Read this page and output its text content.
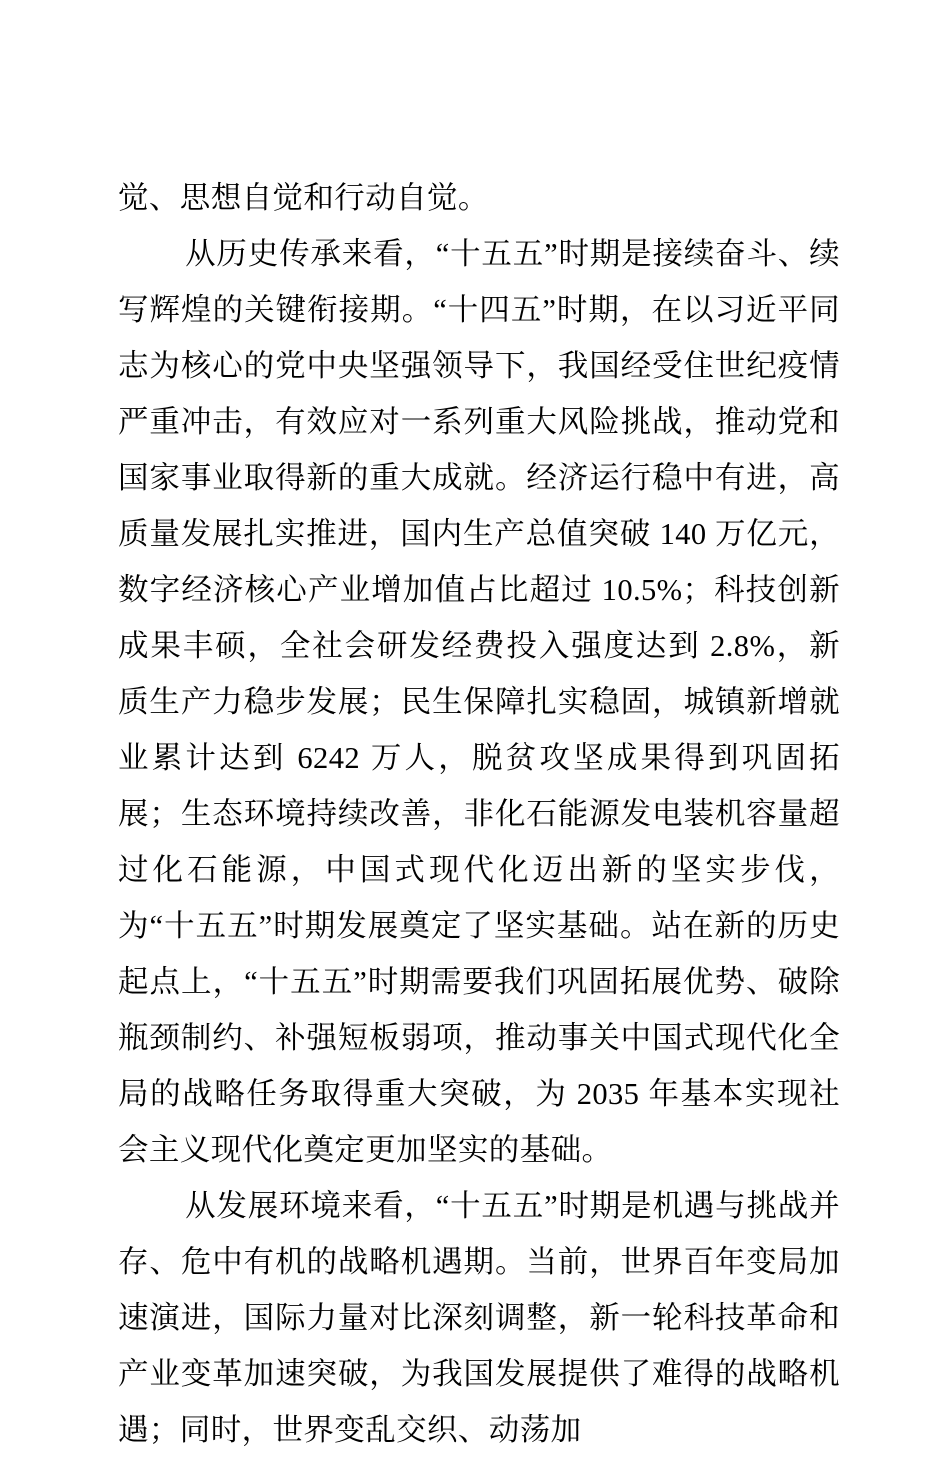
觉、思想自觉和行动自觉。

从历史传承来看，“十五五”时期是接续奋斗、续写辉煌的关键衔接期。“十四五”时期，在以习近平同志为核心的党中央坚强领导下，我国经受住世纪疫情严重冲击，有效应对一系列重大风险挑战，推动党和国家事业取得新的重大成就。经济运行稳中有进，高质量发展扎实推进，国内生产总值突破 140 万亿元，数字经济核心产业增加值占比超过 10.5%；科技创新成果丰硕，全社会研发经费投入强度达到 2.8%，新质生产力稳步发展；民生保障扎实稳固，城镇新增就业累计达到 6242 万人，脱贫攻坚成果得到巩固拓展；生态环境持续改善，非化石能源发电装机容量超过化石能源，中国式现代化迈出新的坚实步伐，为“十五五”时期发展奠定了坚实基础。站在新的历史起点上，“十五五”时期需要我们巩固拓展优势、破除瓶颈制约、补强短板弱项，推动事关中国式现代化全局的战略任务取得重大突破，为 2035 年基本实现社会主义现代化奠定更加坚实的基础。

从发展环境来看，“十五五”时期是机遇与挑战并存、危中有机的战略机遇期。当前，世界百年变局加速演进，国际力量对比深刻调整，新一轮科技革命和产业变革加速突破，为我国发展提供了难得的战略机遇；同时，世界变乱交织、动荡加
